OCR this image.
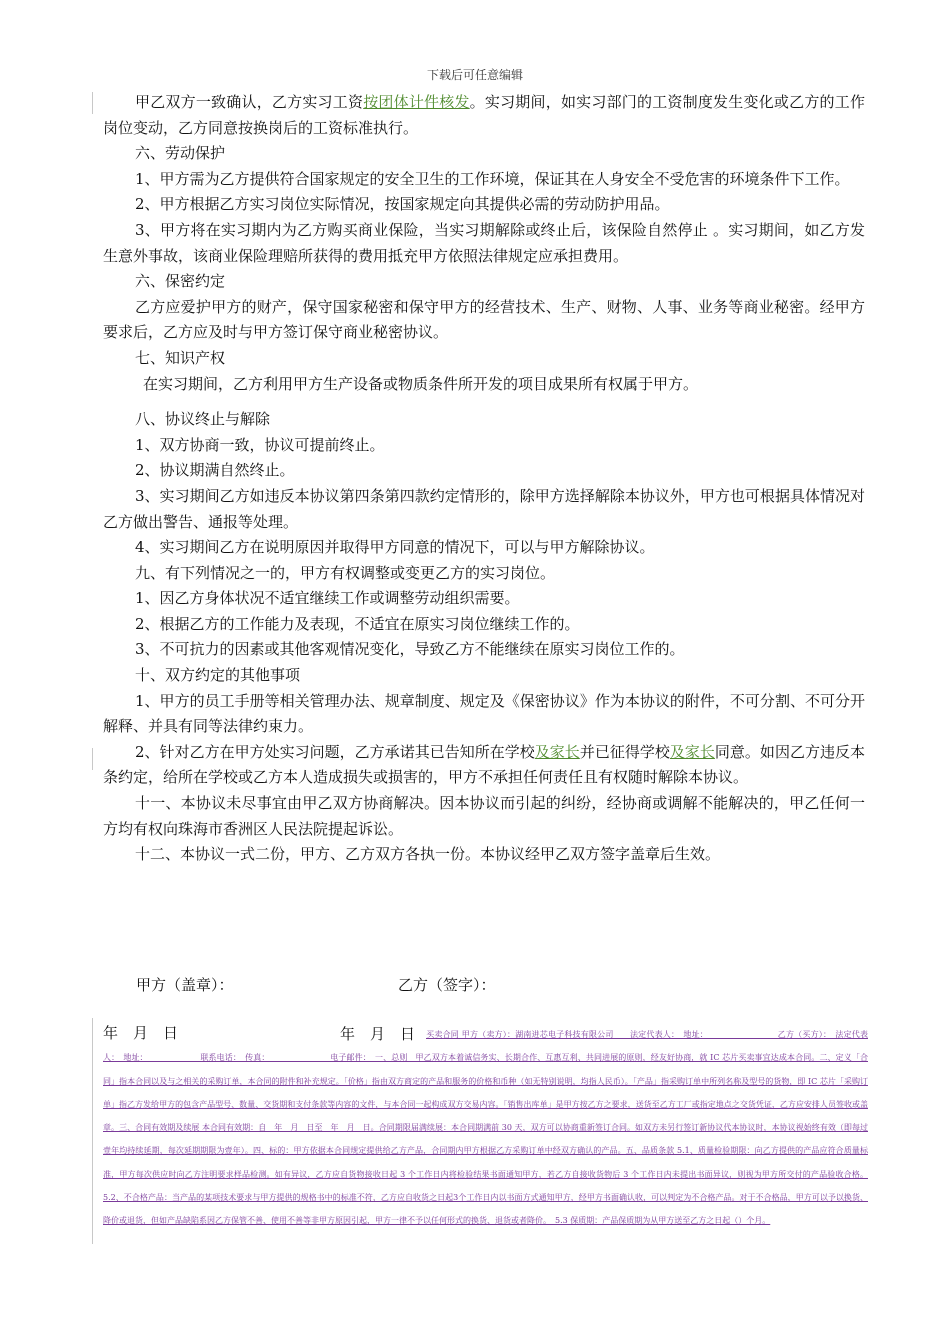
下载后可任意编辑

甲乙双方一致确认，乙方实习工资按团体计件核发。实习期间，如实习部门的工资制度发生变化或乙方的工作岗位变动，乙方同意按换岗后的工资标准执行。

六、劳动保护

1、甲方需为乙方提供符合国家规定的安全卫生的工作环境，保证其在人身安全不受危害的环境条件下工作。

2、甲方根据乙方实习岗位实际情况，按国家规定向其提供必需的劳动防护用品。

3、甲方将在实习期内为乙方购买商业保险，当实习期解除或终止后，该保险自然停止 。实习期间，如乙方发生意外事故，该商业保险理赔所获得的费用抵充甲方依照法律规定应承担费用。

六、保密约定

乙方应爱护甲方的财产，保守国家秘密和保守甲方的经营技术、生产、财物、人事、业务等商业秘密。经甲方要求后，乙方应及时与甲方签订保守商业秘密协议。

七、知识产权

在实习期间，乙方利用甲方生产设备或物质条件所开发的项目成果所有权属于甲方。

八、协议终止与解除

1、双方协商一致，协议可提前终止。

2、协议期满自然终止。

3、实习期间乙方如违反本协议第四条第四款约定情形的，除甲方选择解除本协议外，甲方也可根据具体情况对乙方做出警告、通报等处理。

4、实习期间乙方在说明原因并取得甲方同意的情况下，可以与甲方解除协议。

九、有下列情况之一的，甲方有权调整或变更乙方的实习岗位。

1、因乙方身体状况不适宜继续工作或调整劳动组织需要。

2、根据乙方的工作能力及表现，不适宜在原实习岗位继续工作的。

3、不可抗力的因素或其他客观情况变化，导致乙方不能继续在原实习岗位工作的。

十、双方约定的其他事项

1、甲方的员工手册等相关管理办法、规章制度、规定及《保密协议》作为本协议的附件，不可分割、不可分开解释、并具有同等法律约束力。

2、针对乙方在甲方处实习问题，乙方承诺其已告知所在学校及家长并已征得学校及家长同意。如因乙方违反本条约定，给所在学校或乙方本人造成损失或损害的，甲方不承担任何责任且有权随时解除本协议。

十一、本协议未尽事宜由甲乙双方协商解决。因本协议而引起的纠纷，经协商或调解不能解决的，甲乙任何一方均有权向珠海市香洲区人民法院提起诉讼。

十二、本协议一式二份，甲方、乙方双方各执一份。本协议经甲乙双方签字盖章后生效。

甲方（盖章）：	乙方（签字）：
年　月　日	年　月　日 买卖合同 甲方（卖方）：湖南进芯电子科技有限公司　　法定代表人：　地址：　　　　　　　　　乙方（买方）：　法定代表人：　地址：　　　　　　　联系电话：　传真：　　　　　　　　电子邮件：　一、总则　甲乙双方本着诚信务实、长期合作、互惠互利、共同进展的原则，经友好协商，就 IC 芯片买卖事宜达成本合同。二、定义「合同」指本合同以及与之相关的采购订单，本合同的附件和补充规定。「价格」指由双方商定的产品和服务的价格和币种（如无特别说明，均指人民币）。「产品」指采购订单中所列名称及型号的货物，即 IC 芯片「采购订单」指乙方发给甲方的包含产品型号、数量、交货期和支付条款等内容的文件，与本合同一起构成双方交易内容。「销售出库单」是甲方按乙方之要求，送货至乙方工厂或指定地点之交货凭证，乙方应安排人员签收或盖章。三、合同有效期及续展 本合同有效期：自　年　月　日至　年　月　日。合同期限届满续展：本合同期满前 30 天，双方可以协商重新签订合同。如双方未另行签订新协议代本协议时，本协议视始终有效（即每过壹年均持续延期，每次延期期限为壹年）。四、标的：甲方依据本合同规定提供给乙方产品，合同期内甲方根据乙方采购订单中经双方确认的产品。五、品质条款 5.1、质量检验期限：向乙方提供的产品应符合质量标准，甲方每次供应时向乙方注明要求样品检测。如有异议，乙方应自货物接收日起 3 个工作日内将检验结果书面通知甲方，若乙方自接收货物后 3 个工作日内未提出书面异议，则视为甲方所交付的产品验收合格。5.2、不合格产品：当产品的某项技术要求与甲方提供的规格书中的标准不符，乙方应自收货之日起3个工作日内以书面方式通知甲方，经甲方书面确认收，可以判定为不合格产品。对于不合格品，甲方可以予以换货、降价或退货，但如产品缺陷系因乙方保管不善、使用不善等非甲方原因引起，甲方一律不予以任何形式的换货、退货或者降价。　5.3 保质期：产品保质期为从甲方送至乙方之日起（）个月。
